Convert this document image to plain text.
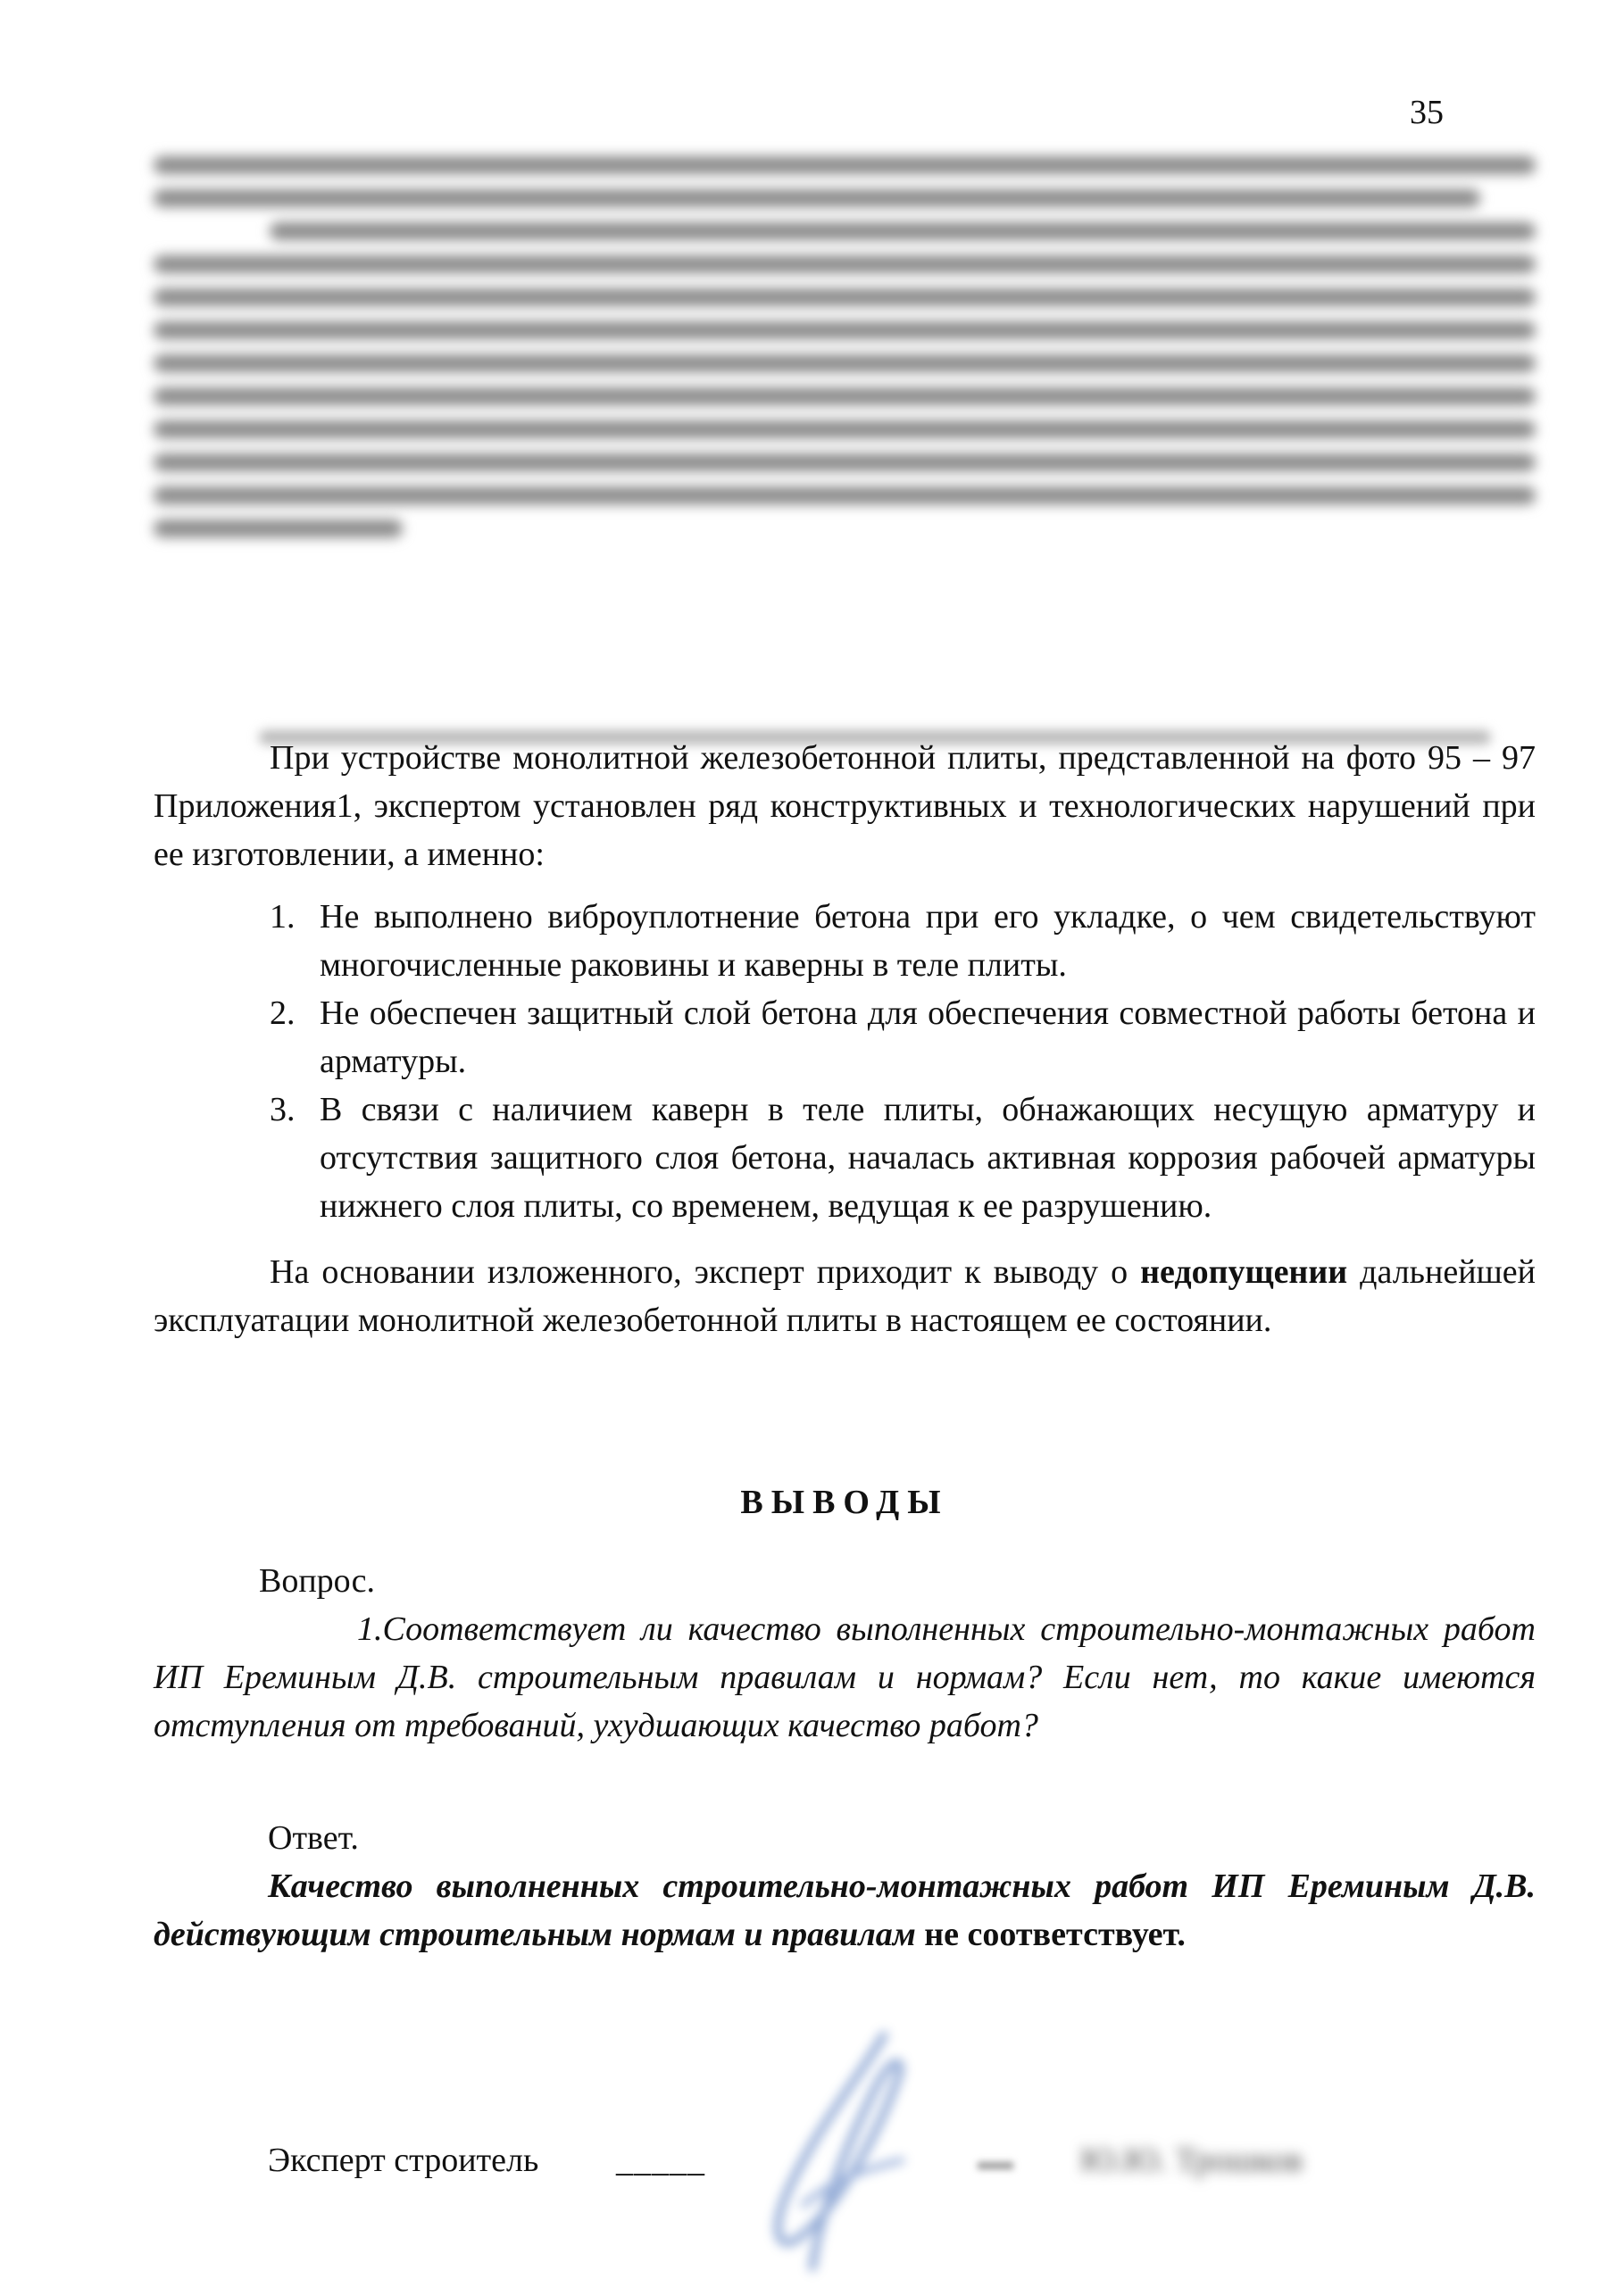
35

При устройстве монолитной железобетонной плиты, представленной на фото 95 – 97 Приложения1, экспертом установлен ряд конструктивных и технологических нарушений при ее изготовлении, а именно:

1. Не выполнено виброуплотнение бетона при его укладке, о чем свидетельствуют многочисленные раковины и каверны в теле плиты.
2. Не обеспечен защитный слой бетона для обеспечения совместной работы бетона и арматуры.
3. В связи с наличием каверн в теле плиты, обнажающих несущую арматуру и отсутствия защитного слоя бетона, началась активная коррозия рабочей арматуры нижнего слоя плиты, со временем, ведущая к ее разрушению.

На основании изложенного, эксперт приходит к выводу о недопущении дальнейшей эксплуатации монолитной железобетонной плиты в настоящем ее состоянии.

ВЫВОДЫ

Вопрос.

1.Соответствует ли качество выполненных строительно-монтажных работ ИП Ереминым Д.В. строительным правилам и нормам? Если нет, то какие имеются отступления от требований, ухудшающих качество работ?

Ответ.

Качество выполненных строительно-монтажных работ ИП Ереминым Д.В. действующим строительным нормам и правилам не соответствует.

Эксперт строитель _____	Ю.Ю. Трошков
